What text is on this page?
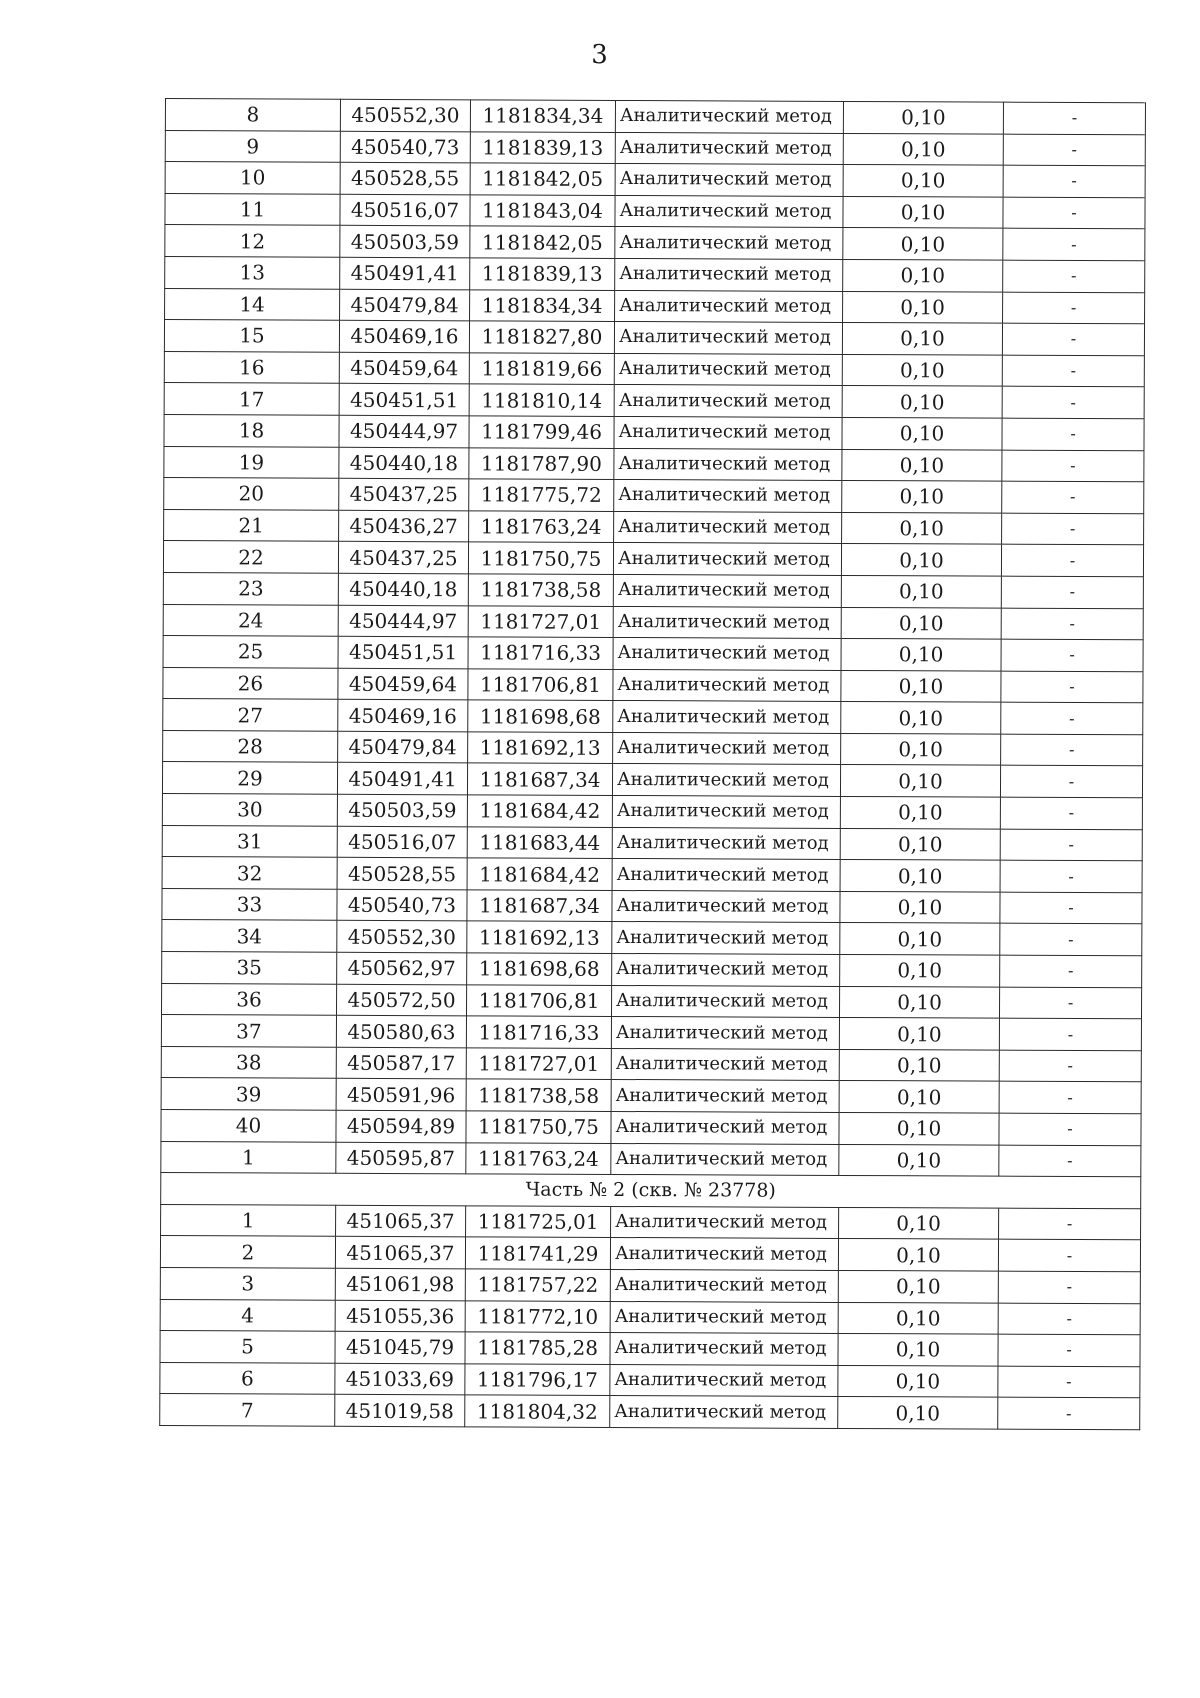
3
8	450552,30	1181834,34	Аналитический метод	0,10	-
9	450540,73	1181839,13	Аналитический метод	0,10	-
10	450528,55	1181842,05	Аналитический метод	0,10	-
11	450516,07	1181843,04	Аналитический метод	0,10	-
12	450503,59	1181842,05	Аналитический метод	0,10	-
13	450491,41	1181839,13	Аналитический метод	0,10	-
14	450479,84	1181834,34	Аналитический метод	0,10	-
15	450469,16	1181827,80	Аналитический метод	0,10	-
16	450459,64	1181819,66	Аналитический метод	0,10	-
17	450451,51	1181810,14	Аналитический метод	0,10	-
18	450444,97	1181799,46	Аналитический метод	0,10	-
19	450440,18	1181787,90	Аналитический метод	0,10	-
20	450437,25	1181775,72	Аналитический метод	0,10	-
21	450436,27	1181763,24	Аналитический метод	0,10	-
22	450437,25	1181750,75	Аналитический метод	0,10	-
23	450440,18	1181738,58	Аналитический метод	0,10	-
24	450444,97	1181727,01	Аналитический метод	0,10	-
25	450451,51	1181716,33	Аналитический метод	0,10	-
26	450459,64	1181706,81	Аналитический метод	0,10	-
27	450469,16	1181698,68	Аналитический метод	0,10	-
28	450479,84	1181692,13	Аналитический метод	0,10	-
29	450491,41	1181687,34	Аналитический метод	0,10	-
30	450503,59	1181684,42	Аналитический метод	0,10	-
31	450516,07	1181683,44	Аналитический метод	0,10	-
32	450528,55	1181684,42	Аналитический метод	0,10	-
33	450540,73	1181687,34	Аналитический метод	0,10	-
34	450552,30	1181692,13	Аналитический метод	0,10	-
35	450562,97	1181698,68	Аналитический метод	0,10	-
36	450572,50	1181706,81	Аналитический метод	0,10	-
37	450580,63	1181716,33	Аналитический метод	0,10	-
38	450587,17	1181727,01	Аналитический метод	0,10	-
39	450591,96	1181738,58	Аналитический метод	0,10	-
40	450594,89	1181750,75	Аналитический метод	0,10	-
1	450595,87	1181763,24	Аналитический метод	0,10	-
Часть № 2 (скв. № 23778)					
1	451065,37	1181725,01	Аналитический метод	0,10	-
2	451065,37	1181741,29	Аналитический метод	0,10	-
3	451061,98	1181757,22	Аналитический метод	0,10	-
4	451055,36	1181772,10	Аналитический метод	0,10	-
5	451045,79	1181785,28	Аналитический метод	0,10	-
6	451033,69	1181796,17	Аналитический метод	0,10	-
7	451019,58	1181804,32	Аналитический метод	0,10	-
